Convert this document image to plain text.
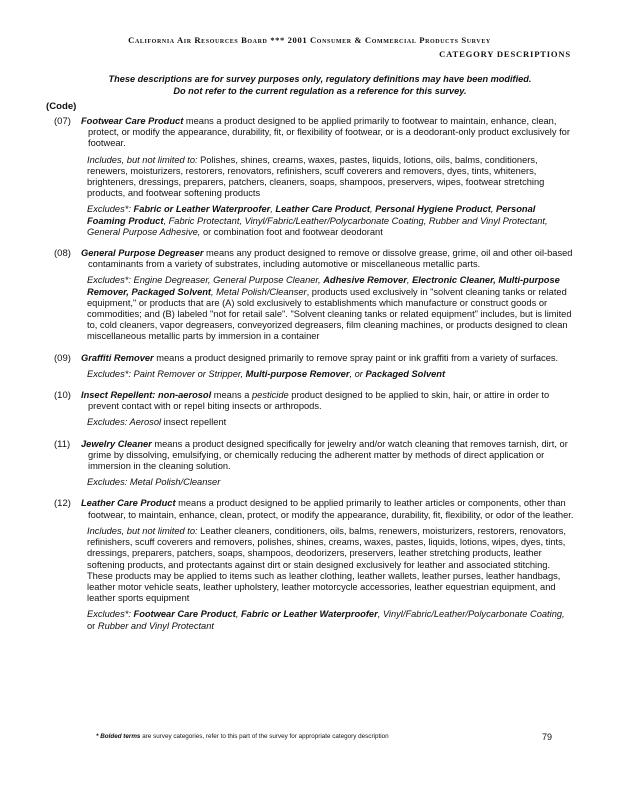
California Air Resources Board *** 2001 Consumer & Commercial Products Survey
CATEGORY DESCRIPTIONS
These descriptions are for survey purposes only, regulatory definitions may have been modified.
Do not refer to the current regulation as a reference for this survey.
(Code)
(07)	Footwear Care Product means a product designed to be applied primarily to footwear to maintain, enhance, clean, protect, or modify the appearance, durability, fit, or flexibility of footwear, or is a deodorant-only product exclusively for footwear.

Includes, but not limited to: Polishes, shines, creams, waxes, pastes, liquids, lotions, oils, balms, conditioners, renewers, moisturizers, restorers, renovators, refinishers, scuff coverers and removers, dyes, tints, whiteners, brighteners, dressings, preparers, patchers, cleaners, soaps, shampoos, preservers, wipes, footwear stretching products, and footwear softening products

Excludes*: Fabric or Leather Waterproofer, Leather Care Product, Personal Hygiene Product, Personal Foaming Product, Fabric Protectant, Vinyl/Fabric/Leather/Polycarbonate Coating, Rubber and Vinyl Protectant, General Purpose Adhesive, or combination foot and footwear deodorant

(08)	General Purpose Degreaser means any product designed to remove or dissolve grease, grime, oil and other oil-based contaminants from a variety of substrates, including automotive or miscellaneous metallic parts.

Excludes*: Engine Degreaser, General Purpose Cleaner, Adhesive Remover, Electronic Cleaner, Multi-purpose Remover, Packaged Solvent, Metal Polish/Cleanser, products used exclusively in "solvent cleaning tanks or related equipment," or products that are (A) sold exclusively to establishments which manufacture or construct goods or commodities; and (B) labeled "not for retail sale". "Solvent cleaning tanks or related equipment" includes, but is limited to, cold cleaners, vapor degreasers, conveyorized degreasers, film cleaning machines, or products designed to clean miscellaneous metallic parts by immersion in a container

(09)	Graffiti Remover means a product designed primarily to remove spray paint or ink graffiti from a variety of surfaces.

Excludes*: Paint Remover or Stripper, Multi-purpose Remover, or Packaged Solvent

(10)	Insect Repellent: non-aerosol means a pesticide product designed to be applied to skin, hair, or attire in order to prevent contact with or repel biting insects or arthropods.

Excludes: Aerosol insect repellent

(11)	Jewelry Cleaner means a product designed specifically for jewelry and/or watch cleaning that removes tarnish, dirt, or grime by dissolving, emulsifying, or chemically reducing the adherent matter by methods of direct application or immersion in the cleaning solution.

Excludes: Metal Polish/Cleanser

(12)	Leather Care Product means a product designed to be applied primarily to leather articles or components, other than footwear, to maintain, enhance, clean, protect, or modify the appearance, durability, fit, flexibility, or odor of the leather.

Includes, but not limited to: Leather cleaners, conditioners, oils, balms, renewers, moisturizers, restorers, renovators, refinishers, scuff coverers and removers, polishes, shines, creams, waxes, pastes, liquids, lotions, wipes, dyes, tints, dressings, preparers, patchers, soaps, shampoos, deodorizers, preservers, leather stretching products, leather softening products, and protectants against dirt or stain designed exclusively for leather and associated stitching. These products may be applied to items such as leather clothing, leather wallets, leather purses, leather handbags, leather motor vehicle seats, leather upholstery, leather motorcycle accessories, leather equestrian equipment, and leather sports equipment

Excludes*: Footwear Care Product, Fabric or Leather Waterproofer, Vinyl/Fabric/Leather/Polycarbonate Coating, or Rubber and Vinyl Protectant

* Bolded terms are survey categories, refer to this part of the survey for appropriate category description	79
